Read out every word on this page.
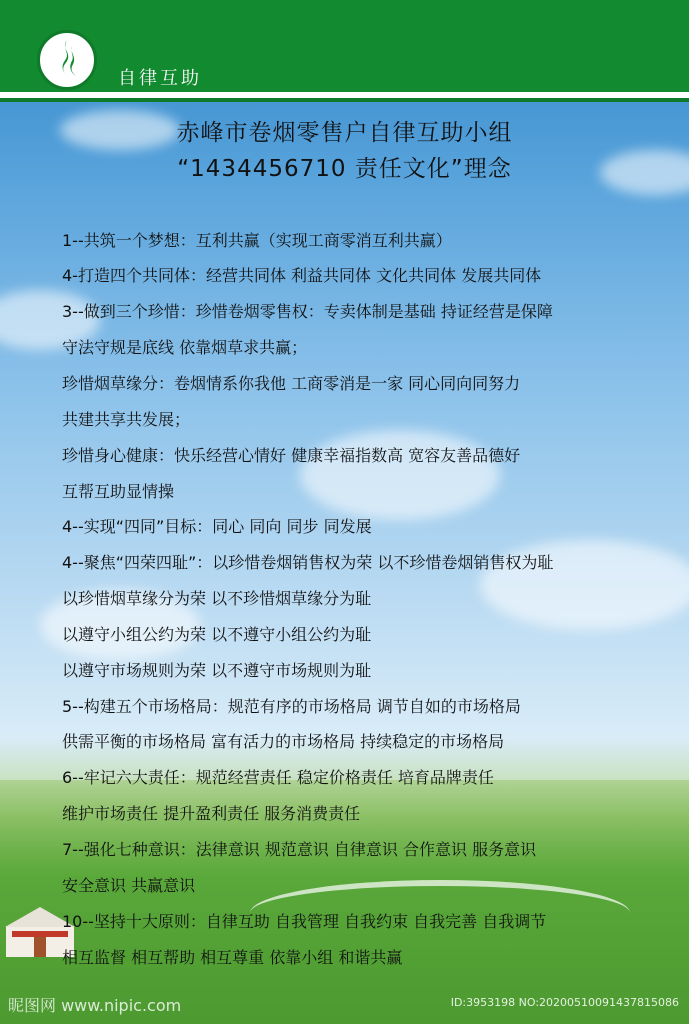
自律互助
赤峰市卷烟零售户自律互助小组
“1434456710 责任文化”理念
1--共筑一个梦想：互利共赢（实现工商零消互利共赢）
4-打造四个共同体：经营共同体 利益共同体 文化共同体 发展共同体
3--做到三个珍惜：珍惜卷烟零售权：专卖体制是基础 持证经营是保障
守法守规是底线 依靠烟草求共赢；
珍惜烟草缘分：卷烟情系你我他 工商零消是一家 同心同向同努力
共建共享共发展；
珍惜身心健康：快乐经营心情好 健康幸福指数高 宽容友善品德好
互帮互助显情操
4--实现“四同”目标：同心 同向 同步 同发展
4--聚焦“四荣四耻”：以珍惜卷烟销售权为荣 以不珍惜卷烟销售权为耻
以珍惜烟草缘分为荣 以不珍惜烟草缘分为耻
以遵守小组公约为荣 以不遵守小组公约为耻
以遵守市场规则为荣 以不遵守市场规则为耻
5--构建五个市场格局：规范有序的市场格局 调节自如的市场格局
供需平衡的市场格局 富有活力的市场格局 持续稳定的市场格局
6--牢记六大责任：规范经营责任 稳定价格责任 培育品牌责任
维护市场责任 提升盈利责任 服务消费责任
7--强化七种意识：法律意识 规范意识 自律意识 合作意识 服务意识
安全意识 共赢意识
10--坚持十大原则：自律互助 自我管理 自我约束 自我完善 自我调节
相互监督 相互帮助 相互尊重 依靠小组 和谐共赢
昵图网 www.nipic.com	ID:3953198 NO:20200510091437815086
